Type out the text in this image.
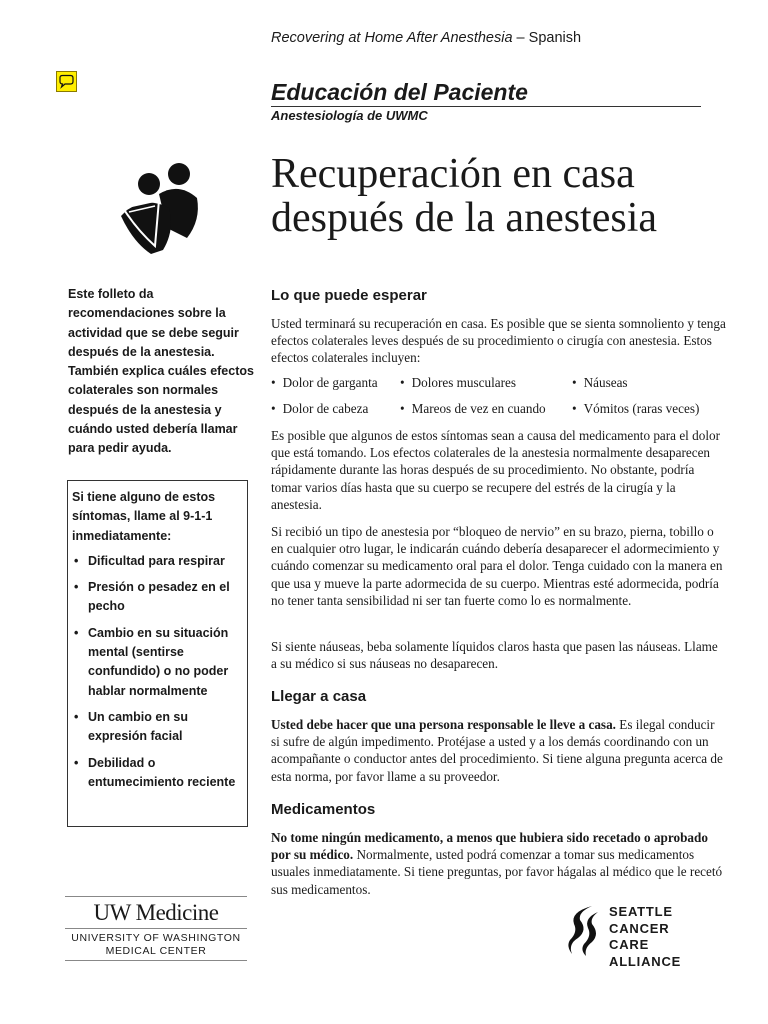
Recovering at Home After Anesthesia – Spanish
Educación del Paciente
Anestesiología de UWMC
Recuperación en casa
después de la anestesia
Este folleto da recomendaciones sobre la actividad que se debe seguir después de la anestesia. También explica cuáles efectos colaterales son normales después de la anestesia y cuándo usted debería llamar para pedir ayuda.
Si tiene alguno de estos síntomas, llame al 9-1-1 inmediatamente:
• Dificultad para respirar
• Presión o pesadez en el pecho
• Cambio en su situación mental (sentirse confundido) o no poder hablar normalmente
• Un cambio en su expresión facial
• Debilidad o entumecimiento reciente
Lo que puede esperar
Usted terminará su recuperación en casa. Es posible que se sienta somnoliento y tenga efectos colaterales leves después de su procedimiento o cirugía con anestesia. Estos efectos colaterales incluyen:
• Dolor de garganta • Dolores musculares	• Náuseas
• Dolor de cabeza • Mareos de vez en cuando • Vómitos (raras veces)
Es posible que algunos de estos síntomas sean a causa del medicamento para el dolor que está tomando. Los efectos colaterales de la anestesia normalmente desaparecen rápidamente durante las horas después de su procedimiento. No obstante, podría tomar varios días hasta que su cuerpo se recupere del estrés de la cirugía y la anestesia.
Si recibió un tipo de anestesia por “bloqueo de nervio” en su brazo, pierna, tobillo o en cualquier otro lugar, le indicarán cuándo debería desaparecer el adormecimiento y cuándo comenzar su medicamento oral para el dolor. Tenga cuidado con la manera en que usa y mueve la parte adormecida de su cuerpo. Mientras esté adormecida, podría no tener tanta sensibilidad ni ser tan fuerte como lo es normalmente.
Si siente náuseas, beba solamente líquidos claros hasta que pasen las náuseas. Llame a su médico si sus náuseas no desaparecen.
Llegar a casa
Usted debe hacer que una persona responsable le lleve a casa. Es ilegal conducir si sufre de algún impedimento. Protéjase a usted y a los demás coordinando con un acompañante o conductor antes del procedimiento. Si tiene alguna pregunta acerca de esta norma, por favor llame a su proveedor.
Medicamentos
No tome ningún medicamento, a menos que hubiera sido recetado o aprobado por su médico. Normalmente, usted podrá comenzar a tomar sus medicamentos usuales inmediatamente. Si tiene preguntas, por favor hágalas al médico que le recetó sus medicamentos.
UW Medicine
UNIVERSITY OF WASHINGTON
MEDICAL CENTER
SEATTLE
CANCER CARE
ALLIANCE
